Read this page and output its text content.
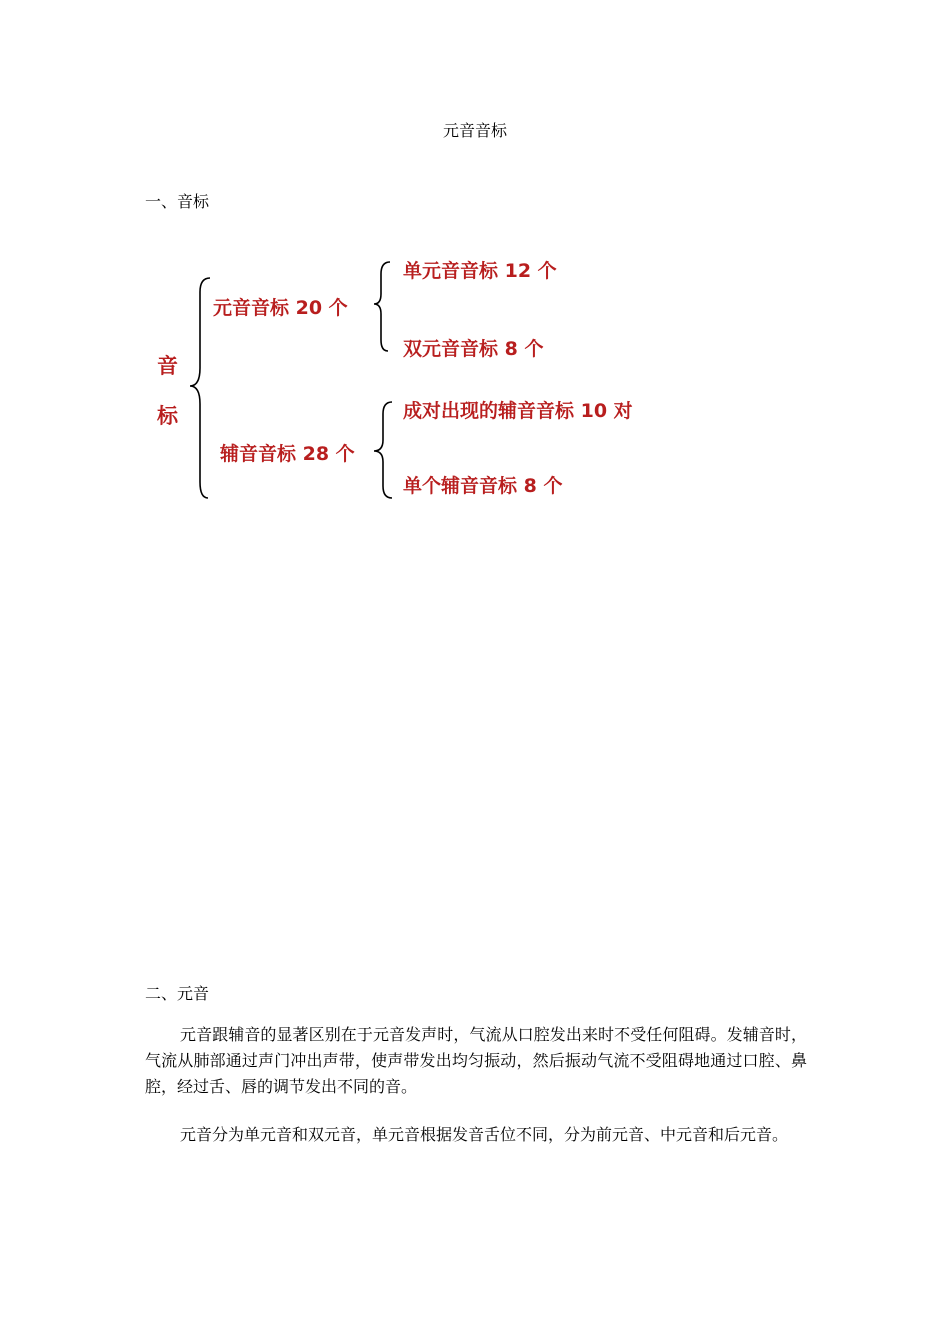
元音音标
一、音标
音
标
元音音标 20 个
辅音音标 28 个
单元音音标 12 个
双元音音标 8 个
成对出现的辅音音标 10 对
单个辅音音标 8 个
二、元音

元音跟辅音的显著区别在于元音发声时，气流从口腔发出来时不受任何阻碍。发辅音时，气流从肺部通过声门冲出声带，使声带发出均匀振动，然后振动气流不受阻碍地通过口腔、鼻腔，经过舌、唇的调节发出不同的音。

元音分为单元音和双元音，单元音根据发音舌位不同，分为前元音、中元音和后元音。
